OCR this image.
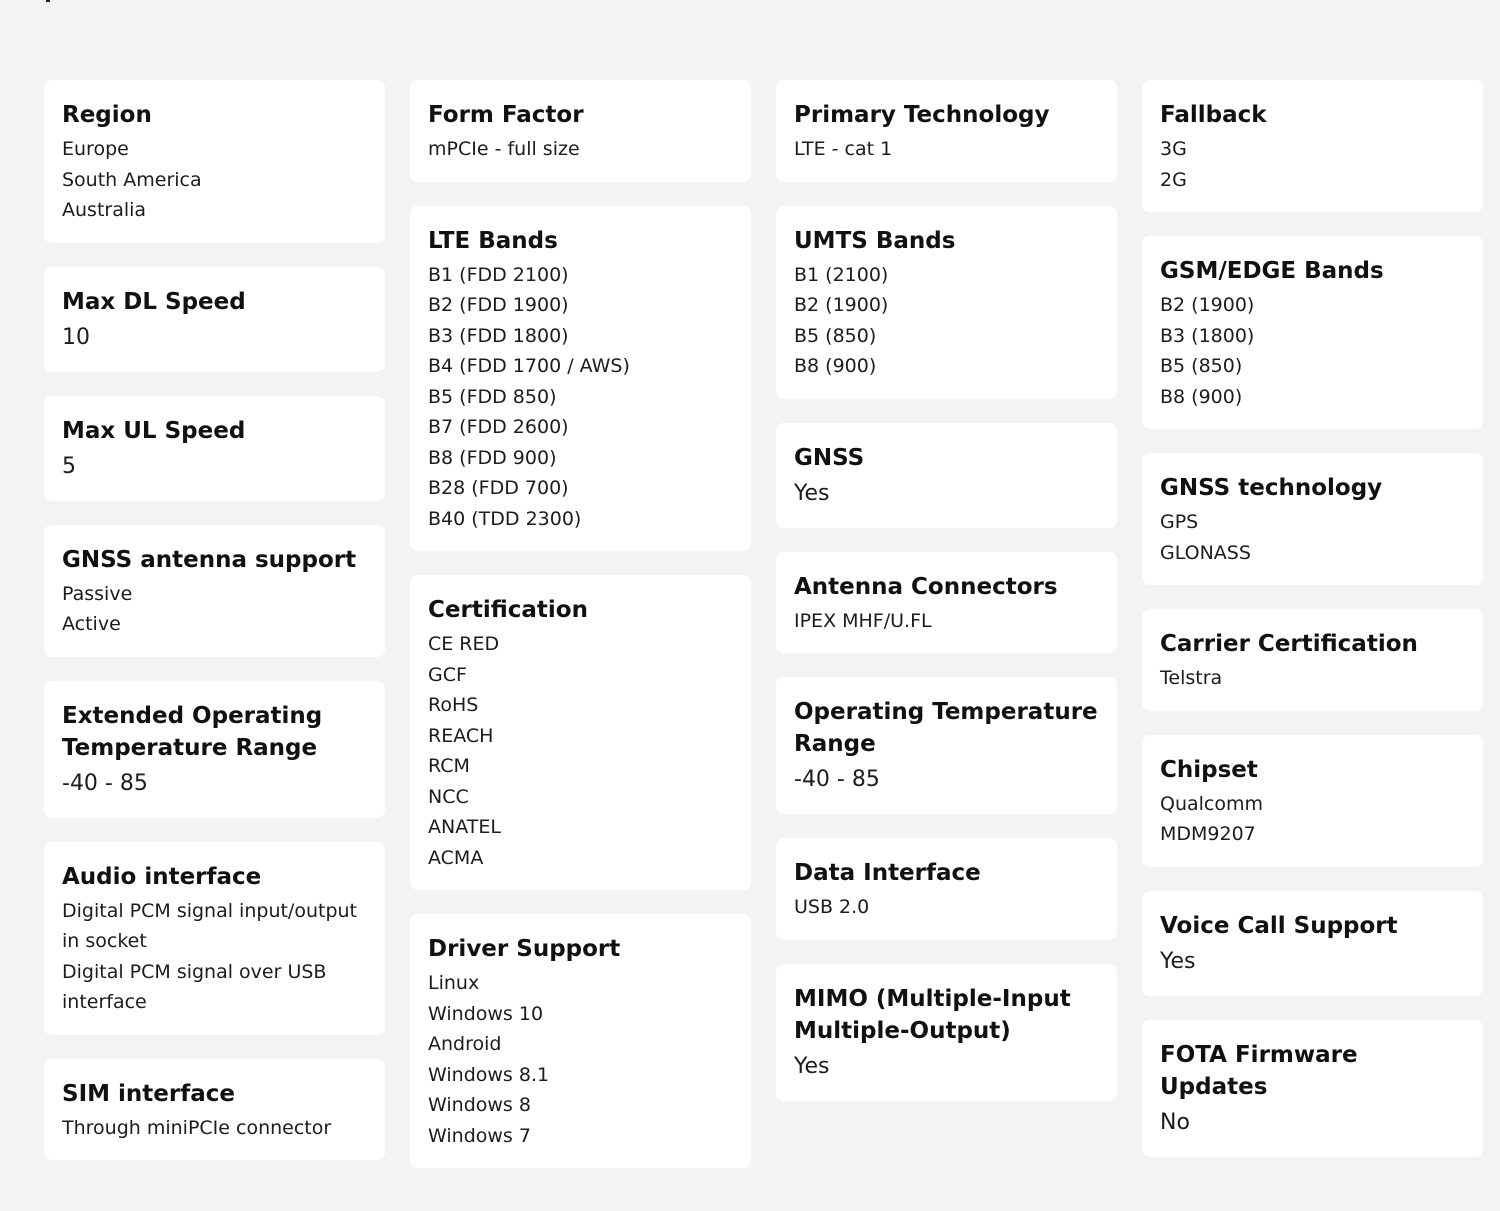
Region
Europe
South America
Australia
Max DL Speed
10
Max UL Speed
5
GNSS antenna support
Passive
Active
Extended Operating Temperature Range
-40 - 85
Audio interface
Digital PCM signal input/output in socket
Digital PCM signal over USB interface
SIM interface
Through miniPCIe connector
Form Factor
mPCIe - full size
LTE Bands
B1 (FDD 2100)
B2 (FDD 1900)
B3 (FDD 1800)
B4 (FDD 1700 / AWS)
B5 (FDD 850)
B7 (FDD 2600)
B8 (FDD 900)
B28 (FDD 700)
B40 (TDD 2300)
Certification
CE RED
GCF
RoHS
REACH
RCM
NCC
ANATEL
ACMA
Driver Support
Linux
Windows 10
Android
Windows 8.1
Windows 8
Windows 7
Primary Technology
LTE - cat 1
UMTS Bands
B1 (2100)
B2 (1900)
B5 (850)
B8 (900)
GNSS
Yes
Antenna Connectors
IPEX MHF/U.FL
Operating Temperature Range
-40 - 85
Data Interface
USB 2.0
MIMO (Multiple-Input Multiple-Output)
Yes
Fallback
3G
2G
GSM/EDGE Bands
B2 (1900)
B3 (1800)
B5 (850)
B8 (900)
GNSS technology
GPS
GLONASS
Carrier Certification
Telstra
Chipset
Qualcomm
MDM9207
Voice Call Support
Yes
FOTA Firmware Updates
No
